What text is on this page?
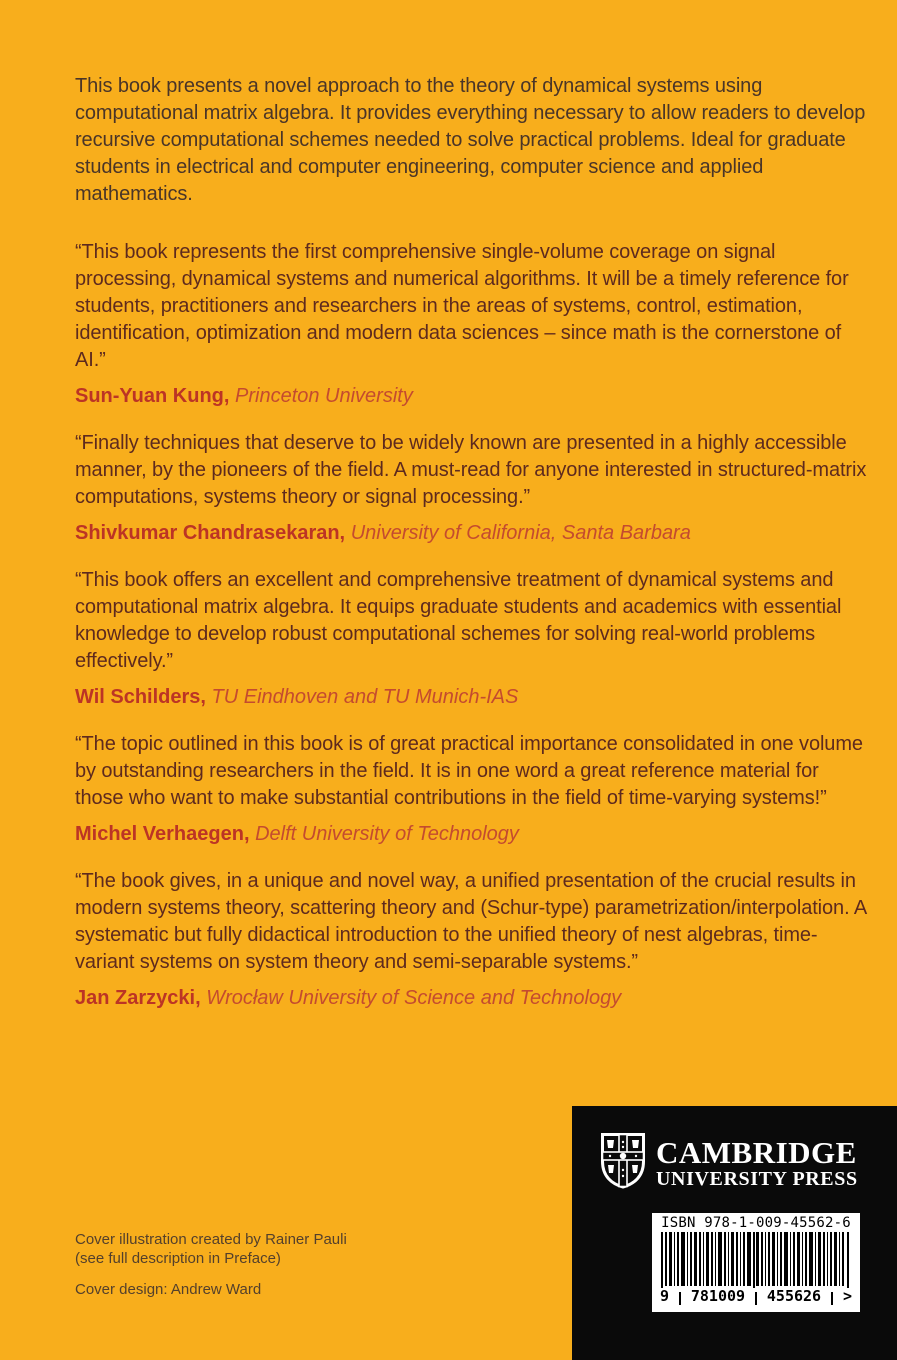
This book presents a novel approach to the theory of dynamical systems using computational matrix algebra. It provides everything necessary to allow readers to develop recursive computational schemes needed to solve practical problems. Ideal for graduate students in electrical and computer engineering, computer science and applied mathematics.

“This book represents the first comprehensive single-volume coverage on signal processing, dynamical systems and numerical algorithms. It will be a timely reference for students, practitioners and researchers in the areas of systems, control, estimation, identification, optimization and modern data sciences – since math is the cornerstone of AI.”

Sun-Yuan Kung, Princeton University

“Finally techniques that deserve to be widely known are presented in a highly accessible manner, by the pioneers of the field. A must-read for anyone interested in structured-matrix computations, systems theory or signal processing.”

Shivkumar Chandrasekaran, University of California, Santa Barbara

“This book offers an excellent and comprehensive treatment of dynamical systems and computational matrix algebra. It equips graduate students and academics with essential knowledge to develop robust computational schemes for solving real-world problems effectively.”

Wil Schilders, TU Eindhoven and TU Munich-IAS

“The topic outlined in this book is of great practical importance consolidated in one volume by outstanding researchers in the field. It is in one word a great reference material for those who want to make substantial contributions in the field of time-varying systems!”

Michel Verhaegen, Delft University of Technology

“The book gives, in a unique and novel way, a unified presentation of the crucial results in modern systems theory, scattering theory and (Schur-type) parametrization/interpolation. A systematic but fully didactical introduction to the unified theory of nest algebras, time-variant systems on system theory and semi-separable systems.”

Jan Zarzycki, Wrocław University of Science and Technology
Cover illustration created by Rainer Pauli
(see full description in Preface)
Cover design: Andrew Ward
CAMBRIDGE
UNIVERSITY PRESS
ISBN 978-1-009-45562-6
9 781009 455626 >
